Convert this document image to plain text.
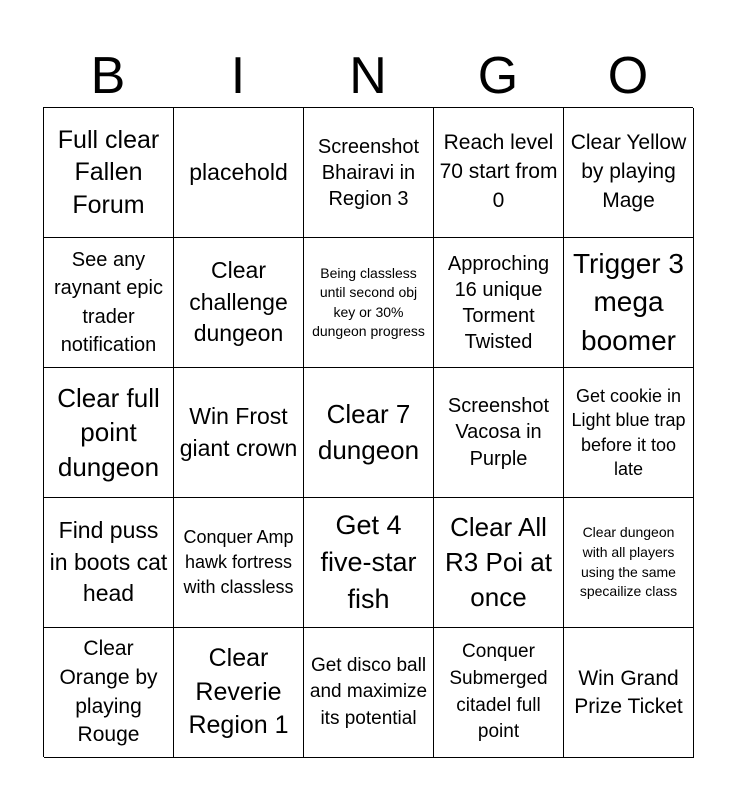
B	I	N	G	O
Full clear Fallen Forum
placehold
Screenshot Bhairavi in Region 3
Reach level 70 start from 0
Clear Yellow by playing Mage
See any raynant epic trader notification
Clear challenge dungeon
Being classless until second obj key or 30% dungeon progress
Approching 16 unique Torment Twisted
Trigger 3 mega boomer
Clear full point dungeon
Win Frost giant crown
Clear 7 dungeon
Screenshot Vacosa in Purple
Get cookie in Light blue trap before it too late
Find puss in boots cat head
Conquer Amp hawk fortress with classless
Get 4 five-star fish
Clear All R3 Poi at once
Clear dungeon with all players using the same specailize class
Clear Orange by playing Rouge
Clear Reverie Region 1
Get disco ball and maximize its potential
Conquer Submerged citadel full point
Win Grand Prize Ticket
